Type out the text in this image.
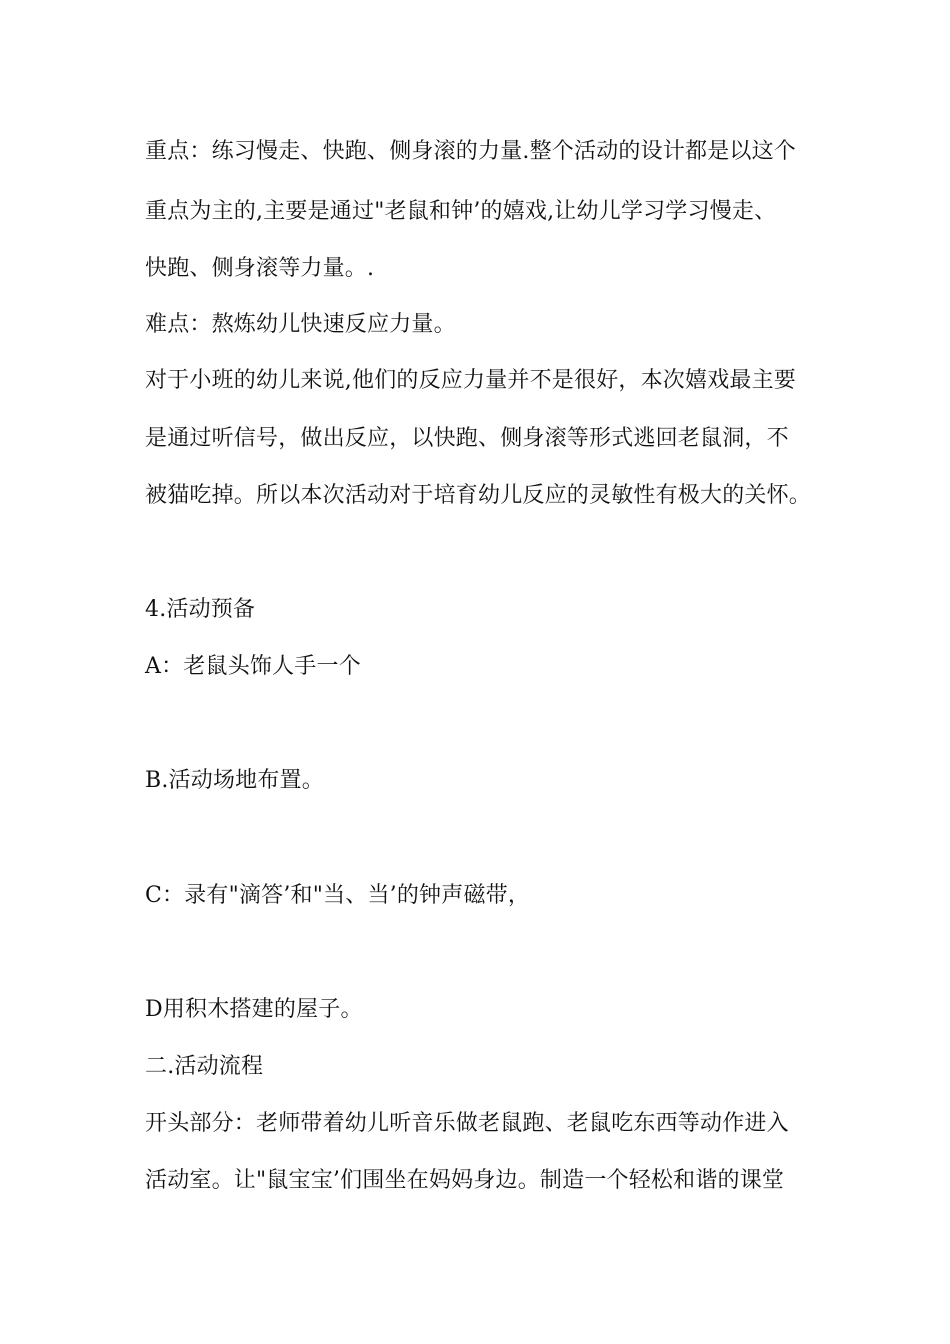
重点：练习慢走、快跑、侧身滚的力量.整个活动的设计都是以这个
重点为主的,主要是通过"老鼠和钟’的嬉戏,让幼儿学习学习慢走、
快跑、侧身滚等力量。.
难点：熬炼幼儿快速反应力量。
对于小班的幼儿来说,他们的反应力量并不是很好，本次嬉戏最主要
是通过听信号，做出反应，以快跑、侧身滚等形式逃回老鼠洞，不
被猫吃掉。所以本次活动对于培育幼儿反应的灵敏性有极大的关怀。
4.活动预备
A：老鼠头饰人手一个
B.活动场地布置。
C：录有"滴答’和"当、当’的钟声磁带，
D用积木搭建的屋子。
二.活动流程
开头部分：老师带着幼儿听音乐做老鼠跑、老鼠吃东西等动作进入
活动室。让"鼠宝宝’们围坐在妈妈身边。制造一个轻松和谐的课堂
